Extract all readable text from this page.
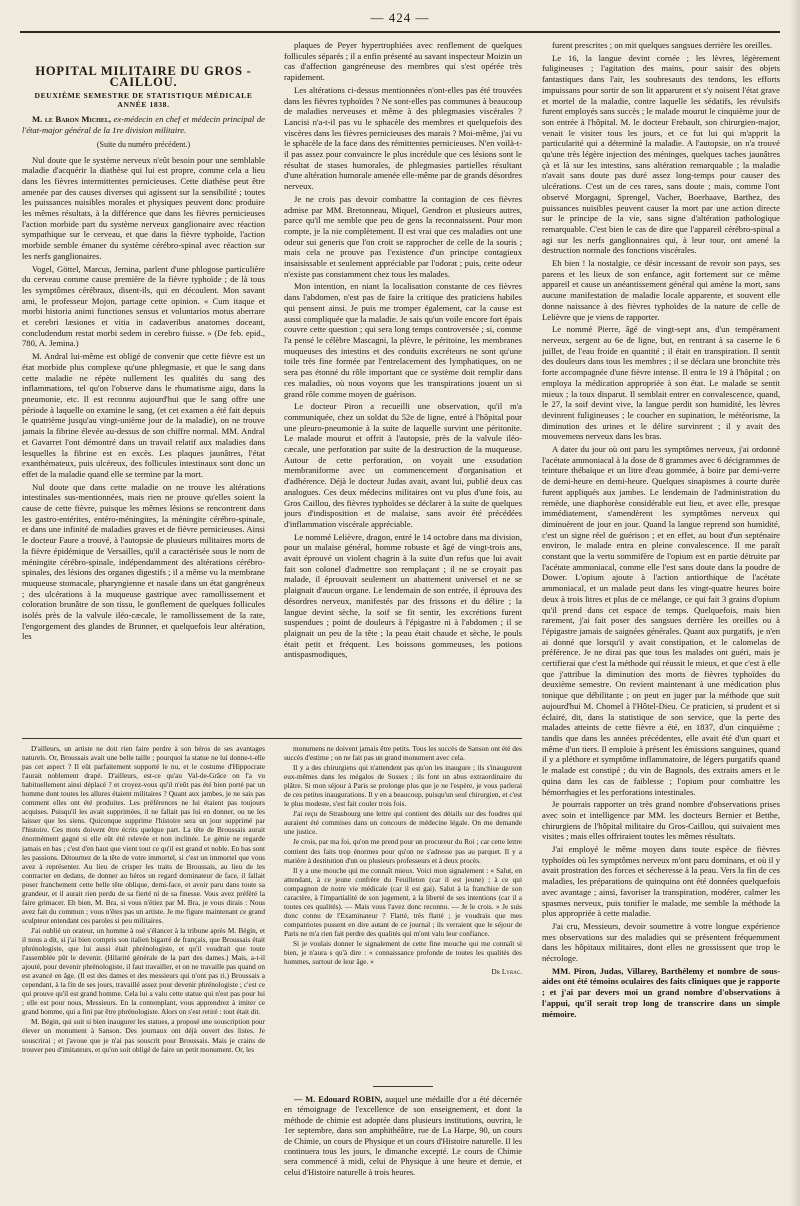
— 424 —
HOPITAL MILITAIRE DU GROS - CAILLOU.
DEUXIÈME SEMESTRE DE STATISTIQUE MÉDICALE ANNÉE 1838.

M. le Baron Michel, ex-médecin en chef et médecin principal de l'état-major général de la 1re division militaire.

(Suite du numéro précédent.)

Nul doute que le système nerveux n'eût besoin pour une semblable maladie d'acquérir la diathèse qui lui est propre, comme cela a lieu dans les fièvres intermittentes pernicieuses. Cette diathèse peut être amenée par des causes diverses qui agissent sur la sensibilité ; toutes les puissances nuisibles morales et physiques peuvent donc produire les mêmes résultats, à la différence que dans les fièvres pernicieuses l'action morbide part du système nerveux ganglionaire avec réaction sympathique sur le cerveau, et que dans la fièvre typhoïde, l'action morbide semble émaner du système cérébro-spinal avec réaction sur les nerfs ganglionaires.

Vogel, Göttel, Marcus, Jemina, parlent d'une phlogose particulière du cerveau comme cause première de la fièvre typhoïde ; de là tous les symptômes cérébraux, disent-ils, qui en découlent. Mon savant ami, le professeur Mojon, partage cette opinion. « Cum itaque et morbi historia animi functiones sensus et voluntarios motus aberrare et cerebri læsiones et vitia in cadaveribus anatomes doceant, concludendum restat morbi sedem in cerebro fuisse. » (De feb. epid., 780, A. Jemina.)

M. Andral lui-même est obligé de convenir que cette fièvre est un état morbide plus complexe qu'une phlegmasie, et que le sang dans cette maladie ne répète nullement les qualités du sang des inflammations, tel qu'on l'observe dans le rhumatisme aigu, dans la pneumonie, etc. Il est reconnu aujourd'hui que le sang offre une période à laquelle on examine le sang, (et cet examen a été fait depuis le quatrième jusqu'au vingt-unième jour de la maladie), on ne trouve jamais la fibrine élevée au-dessus de son chiffre normal. MM. Andral et Gavarret l'ont démontré dans un travail relatif aux maladies dans lesquelles la fibrine est en excès. Les plaques jaunâtres, l'état exanthémateux, puis ulcéreux, des follicules intestinaux sont donc un effet de la maladie quand elle se termine par la mort.

Nul doute que dans cette maladie on ne trouve les altérations intestinales sus-mentionnées, mais rien ne prouve qu'elles soient la cause de cette fièvre, puisque les mêmes lésions se rencontrent dans les gastro-entérites, entéro-méningites, la méningite cérébro-spinale, et dans une infinité de maladies graves et de fièvre pernicieuses. Ainsi le docteur Faure a trouvé, à l'autopsie de plusieurs militaires morts de la fièvre épidémique de Versailles, qu'il a caractérisée sous le nom de méningite cérébro-spinale, indépendamment des altérations cérébro-spinales, des lésions des organes digestifs ; il a même vu la membrane muqueuse stomacale, pharyngienne et nasale dans un état gangréneux ; des ulcérations à la muqueuse gastrique avec ramollissement et coloration brunâtre de son tissu, le gonflement de quelques follicules isolés près de la valvule iléo-cæcale, le ramollissement de la rate, l'engorgement des glandes de Brunner, et quelquefois leur altération, les

plaques de Peyer hypertrophiées avec renflement de quelques follicules séparés ; il a enfin présenté au savant inspecteur Moizin un cas d'affection gangréneuse des membres qui s'est opérée très rapidement.

Les altérations ci-dessus mentionnées n'ont-elles pas été trouvées dans les fièvres typhoïdes ? Ne sont-elles pas communes à beaucoup de maladies nerveuses et même à des phlegmasies viscérales ? Lancisi n'a-t-il pas vu le sphacèle des membres et quelquefois des viscères dans les fièvres pernicieuses des marais ? Moi-même, j'ai vu le sphacèle de la face dans des rémittentes pernicieuses. N'en voilà-t-il pas assez pour convaincre le plus incrédule que ces lésions sont le résultat de stases humorales, de phlegmasies partielles résultant d'une altération humorale amenée elle-même par de grands désordres nerveux.

Je ne crois pas devoir combattre la contagion de ces fièvres admise par MM. Bretonneau, Miquel, Gendron et plusieurs autres, parce qu'il me semble que peu de gens la reconnaissent. Pour mon compte, je la nie complètement. Il est vrai que ces maladies ont une odeur sui generis que l'on croit se rapprocher de celle de la souris ; mais cela ne prouve pas l'existence d'un principe contagieux insaisissable et seulement appréciable par l'odorat ; puis, cette odeur n'existe pas constamment chez tous les malades.

Mon intention, en niant la localisation constante de ces fièvres dans l'abdomen, n'est pas de faire la critique des praticiens habiles qui pensent ainsi. Je puis me tromper également, car la cause est aussi compliquée que la maladie. Je sais qu'un voile encore fort épais couvre cette question ; qui sera long temps controversée ; si, comme l'a pensé le célèbre Mascagni, la plèvre, le péritoine, les membranes muqueuses des intestins et des conduits excréteurs ne sont qu'une toile très fine formée par l'entrelacement des lymphatiques, on ne sera pas étonné du rôle important que ce système doit remplir dans ces maladies, où nous voyons que les transpirations jouent un si grand rôle comme moyen de guérison.

Le docteur Piron a recueilli une observation, qu'il m'a communiquée, chez un soldat du 52e de ligne, entré à l'hôpital pour une pleuro-pneumonie à la suite de laquelle survint une péritonite. Le malade mourut et offrit à l'autopsie, près de la valvule iléo-cæcale, une perforation par suite de la destruction de la muqueuse. Autour de cette perforation, on voyait une exsudation membraniforme avec un commencement d'organisation et d'adhérence. Déjà le docteur Judas avait, avant lui, publié deux cas analogues. Ces deux médecins militaires ont vu plus d'une fois, au Gros Caillou, des fièvres typhoïdes se déclarer à la suite de quelques jours d'indisposition et de malaise, sans avoir été précédées d'inflammation viscérale appréciable.

Le nommé Lelièvre, dragon, entré le 14 octobre dans ma division, pour un malaise général, homme robuste et âgé de vingt-trois ans, avait éprouvé un violent chagrin à la suite d'un refus que lui avait fait son colonel d'admettre son remplaçant ; il ne se croyait pas malade, il éprouvait seulement un abattement universel et ne se plaignait d'aucun organe. Le lendemain de son entrée, il éprouva des désordres nerveux, manifestés par des frissons et du délire ; la langue devint sèche, la soif se fit sentir, les excrétions furent suspendues ; point de douleurs à l'épigastre ni à l'abdomen ; il se plaignait un peu de la tête ; la peau était chaude et sèche, le pouls était petit et fréquent. Les boissons gommeuses, les potions antispasmodiques,

furent prescrites ; on mit quelques sangsues derrière les oreilles.

Le 16, la langue devint cornée ; les lèvres, légèrement fuligineuses ; l'agitation des mains, pour saisir des objets fantastiques dans l'air, les soubresauts des tendons, les efforts impuissans pour sortir de son lit apparurent et s'y noisent l'état grave et mortel de la maladie, contre laquelle les sédatifs, les révulsifs furent employés sans succès ; le malade mourut le cinquième jour de son entrée à l'hôpital. M. le docteur Frebault, son chirurgien-major, venait le visiter tous les jours, et ce fut lui qui m'apprit la particularité qui a déterminé la maladie. A l'autopsie, on n'a trouvé qu'une très légère injection des méninges, quelques taches jaunâtres çà et là sur les intestins, sans altération remarquable ; la maladie n'avait sans doute pas duré assez long-temps pour causer des ulcérations. C'est un de ces rares, sans doute ; mais, comme l'ont observé Morgagni, Sprengel, Vacher, Boerhaave, Barthez, des puissances nuisibles peuvent causer la mort par une action directe sur le principe de la vie, sans signe d'altération pathologique remarquable. C'est bien le cas de dire que l'appareil cérébro-spinal a agi sur les nerfs ganglionnaires qui, à leur tour, ont amené la destruction normale des fonctions viscérales.

Eh bien ! la nostalgie, ce désir incessant de revoir son pays, ses parens et les lieux de son enfance, agit fortement sur ce même appareil et cause un anéantissement général qui amène la mort, sans aucune manifestation de maladie locale apparente, et souvent elle donne naissance à des fièvres typhoïdes de la nature de celle de Lelièvre que je viens de rapporter.

Le nommé Pierre, âgé de vingt-sept ans, d'un tempérament nerveux, sergent au 6e de ligne, but, en rentrant à sa caserne le 6 juillet, de l'eau froide en quantité ; il était en transpiration. Il sentit des douleurs dans tous les membres ; il se déclara une bronchite très forte accompagnée d'une fièvre intense. Il entra le 19 à l'hôpital ; on employa la médication appropriée à son état. Le malade se sentit mieux ; la toux disparut. Il semblait entrer en convalescence, quand, le 27, la soif devint vive, la langue perdit son humidité, les lèvres devinrent fuligineuses ; le coucher en supination, le météorisme, la diminution des urines et le délire survinrent ; il y avait des mouvemens nerveux dans les bras.

A dater du jour où ont paru les symptômes nerveux, j'ai ordonné l'acétate ammoniacal à la dose de 8 grammes avec 6 décigrammes de teinture thébaïque et un litre d'eau gommée, à boire par demi-verre de demi-heure en demi-heure. Quelques sinapismes à courte durée furent appliqués aux jambes. Le lendemain de l'administration du remède, une diaphorèse considérable eut lieu, et avec elle, presque immédiatement, s'amendèrent les symptômes nerveux qui diminuèrent de jour en jour. Quand la langue reprend son humidité, c'est un signe réel de guérison ; et en effet, au bout d'un septénaire environ, le malade entra en pleine convalescence. Il me paraît constant que la vertu sommifère de l'opium est en partie détruite par l'acétate ammoniacal, comme elle l'est sans doute dans la poudre de Dower. L'opium ajoute à l'action antiorthique de l'acétate ammoniacal, et un malade peut dans les vingt-quatre heures boire deux à trois litres et plus de ce mélange, ce qui fait 3 grains d'opium qu'il prend dans cet espace de temps. Quelquefois, mais bien rarement, j'ai fait poser des sangsues derrière les oreilles ou à l'épigastre jamais de saignées générales. Quant aux purgatifs, je n'en ai donné que lorsqu'il y avait constipation, et le calomelas de préférence. Je ne dirai pas que tous les malades ont guéri, mais je certifierai que c'est la méthode qui réussit le mieux, et que c'est à elle que j'attribue la diminution des morts de fièvres typhoïdes du deuxième semestre. On revient maintenant à une médication plus tonique que débilitante ; on peut en juger par la méthode que suit aujourd'hui M. Chomel à l'Hôtel-Dieu. Ce praticien, si prudent et si éclairé, dit, dans la statistique de son service, que la perte des malades atteints de cette fièvre a été, en 1837, d'un cinquième ; tandis que dans les années précédentes, elle avait été d'un quart et même d'un tiers. Il emploie à présent les émissions sanguines, quand il y a pléthore et symptôme inflammatoire, de légers purgatifs quand le malade est constipé ; du vin de Bagnols, des extraits amers et le quina dans les cas de faiblesse ; l'opium pour combattre les hémorrhagies et les perforations intestinales.

Je pourrais rapporter un très grand nombre d'observations prises avec soin et intelligence par MM. les docteurs Bernier et Betthe, chirurgiens de l'hôpital militaire du Gros-Caillou, qui suivaient mes visites ; mais elles offriraient toutes les mêmes résultats.

J'ai employé le même moyen dans toute espèce de fièvres typhoïdes où les symptômes nerveux m'ont paru dominans, et où il y avait prostration des forces et sécheresse à la peau. Vers la fin de ces maladies, les préparations de quinquina ont été données quelquefois avec avantage ; ainsi, favoriser la transpiration, modérer, calmer les spasmes nerveux, puis tonifier le malade, me semble la méthode la plus appropriée à cette maladie.

J'ai cru, Messieurs, devoir soumettre à votre longue expérience mes observations sur des maladies qui se présentent fréquemment dans les hôpitaux militaires, dont elles ne grossissent que trop le nécrologe.

MM. Piron, Judas, Villarey, Barthélemy et nombre de sous-aides ont été témoins oculaires des faits cliniques que je rapporte ; et j'ai par devers moi un grand nombre d'observations à l'appui, qu'il serait trop long de transcrire dans un simple mémoire.

D'ailleurs, un artiste ne doit rien faire perdre à son héros de ses avantages naturels. Or, Broussais avait une belle taille ; pourquoi la statue ne lui donne-t-elle pas cet aspect ? Il eût parfaitement supporté le nu, et le costume d'Hippocrate l'aurait noblement drapé. D'ailleurs, est-ce qu'au Val-de-Grâce on l'a vu habituellement ainsi déplacé ? et croyez-vous qu'il n'eût pas été bien porté par un homme dont toutes les allures étaient militaires ? Quant aux jambes, je ne sais pas comment elles ont été produites. Les préférences ne lui étaient pas toujours acquises. Puisqu'il les avait supprimées, il ne fallait pas lui en donner, ou ne les laisser que les siens. Quiconque supprime l'histoire sera un jour supprimé par l'histoire. Ces mots doivent être écrits quelque part. La tête de Broussais aurait énormément gagné si elle eût été relevée et non inclinée. Le génie ne regarde jamais en bas ; c'est d'en haut que vient tout ce qu'il est grand et noble. En bas sont les passions. Détournez de la tête de votre immortel, si c'est un immortel que vous avez à représenter. Au lieu de crisper les traits de Broussais, au lieu de les contracter en dedans, de donner au héros un regard dominateur de face, il fallait poser franchement cette belle tête oblique, demi-face, et avoir paru dans toute sa grandeur, et il aurait rien perdu de sa fierté ni de sa finesse. Vous avez préféré la faire grimacer. Eh bien, M. Bra, si vous n'étiez par M. Bra, je vous dirais : Nous avez fait du commun ; vous n'êtes pas un artiste. Je me figure maintenant ce grand sculpteur entendant ces paroles si peu militaires.

J'ai oublié un orateur, un homme à osé s'élancer à la tribune après M. Bégin, et il nous a dit, si j'ai bien compris son italien bigarré de français, que Broussais était phrénologiste, que lui aussi était phrénologiste, et qu'il voudrait que toute l'assemblée pût le devenir. (Hilarité générale de la part des dames.) Mais, a-t-il ajouté, pour devenir phrénologiste, il faut travailler, et on ne travaille pas quand on est avancé en âge. (Il est des dames et des messieurs qui n'ont pas ri.) Broussais a cependant, à la fin de ses jours, travaillé assez pour devenir phrénologiste ; c'est ce qui prouve qu'il est grand homme. Cela lui a valu cette statue qui n'est pas pour lui ; elle est pour nous, Messieurs. En la contemplant, vous apprendrez à imiter ce grand homme, qui a fini par être phrénologiste. Alors on s'est retiré : tout était dit.

M. Bégin, qui suit si bien inaugurer les statues, a proposé une souscription pour élever un monument à Sanson. Des journaux ont déjà ouvert des listes. Je souscrirai ; et j'avoue que je n'ai pas souscrit pour Broussais. Mais je crains de trouver peu d'imitateurs, et qu'on soit obligé de faire un petit monument. Or, les

monumens ne doivent jamais être petits. Tous les succès de Sanson ont été des succès d'estime ; on ne fait pas un grand monument avec cela.

Il y a des chirurgiens qui n'attendent pas qu'on les inaugure ; ils s'inaugurent eux-mêmes dans les mégalos de Sussex ; ils font un abus extraordinaire du plâtre. Si mon séjour à Paris se prolonge plus que je ne l'espère, je vous parlerai de ces petites inaugurations. Il y en a beaucoup, puisqu'un seul chirurgien, et c'est le plus modeste, s'est fait couler trois fois.

J'ai reçu de Strasbourg une lettre qui contient des détails sur des foudres qui auraient été commises dans un concours de médecine légale. On me demande une justice.

Je crois, par ma foi, qu'on me prend pour un procureur du Roi ; car cette lettre contient des faits trop énormes pour qu'on ne s'adresse pas au parquet. Il y a matière à destitution d'un ou plusieurs professeurs et à deux procès.

Il y a une mouche qui me connaît mieux. Voici mon signalement : « Salut, en attendant, à ce jeune confrère du Feuilleton (car il est jeune) ; à ce qui compagnon de notre vie médicale (car il est gai). Salut à la franchise de son caractère, à l'impartialité de son jugement, à la liberté de ses intentions (car il a toutes ces qualités). — Mais vous l'avez donc reconnu. — Je le crois. » Je suis donc connu de l'Examinateur ? Flatté, très flatté ; je voudrais que mes compatriotes pussent en dire autant de ce journal ; ils verraient que le séjour de Paris ne m'a rien fait perdre des qualités qui m'ont valu leur confiance.

Si je voulais donner le signalement de cette fine mouche qui me connaît si bien, je n'aura s qu'à dire : « connaissance profonde de toutes les qualités des hommes, surtout de leur âge. »

Dr Lyrac.

— M. Edouard ROBIN, auquel une médaille d'or a été décernée en témoignage de l'excellence de son enseignement, et dont la méthode de chimie est adoptée dans plusieurs institutions, ouvrira, le 1er septembre, dans son amphithéâtre, rue de La Harpe, 90, un cours de Chimie, un cours de Physique et un cours d'Histoire naturelle. Il les continuera tous les jours, le dimanche excepté. Le cours de Chimie sera commencé à midi, celui de Physique à une heure et demie, et celui d'Histoire naturelle à trois heures.
